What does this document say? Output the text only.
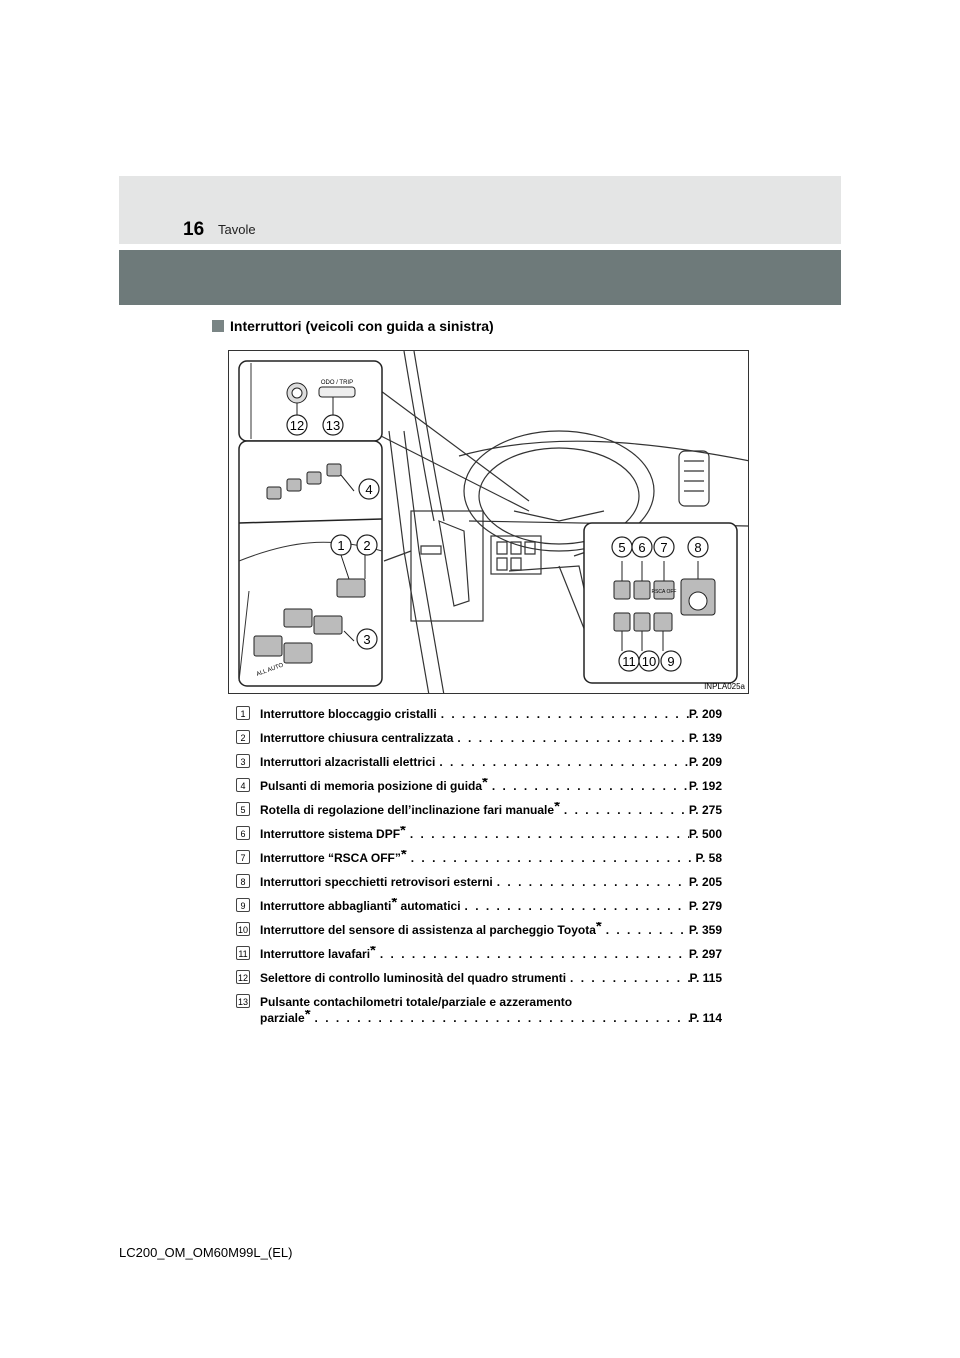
16 Tavole
Interruttori (veicoli con guida a sinistra)
ODO / TRIP
ALL AUTO
RSCA OFF
12 13
4
1 2
3
5 6 7 8
11 10 9
INPLA025a
1	Interruttore bloccaggio cristalli . . .	P. 209
2	Interruttore chiusura centralizzata . . .	P. 139
3	Interruttori alzacristalli elettrici . . .	P. 209
4	Pulsanti di memoria posizione di guida* . . .	P. 192
5	Rotella di regolazione dell’inclinazione fari manuale* . . .	P. 275
6	Interruttore sistema DPF* . . .	P. 500
7	Interruttore “RSCA OFF”* . . .	P. 58
8	Interruttori specchietti retrovisori esterni . . .	P. 205
9	Interruttore abbaglianti* automatici . . .	P. 279
10 Interruttore del sensore di assistenza al parcheggio Toyota* . . .	P. 359
11 Interruttore lavafari* . . .	P. 297
12 Selettore di controllo luminosità del quadro strumenti . . .	P. 115
13 Pulsante contachilometri totale/parziale e azzeramento
parziale* . . .	P. 114
LC200_OM_OM60M99L_(EL)
